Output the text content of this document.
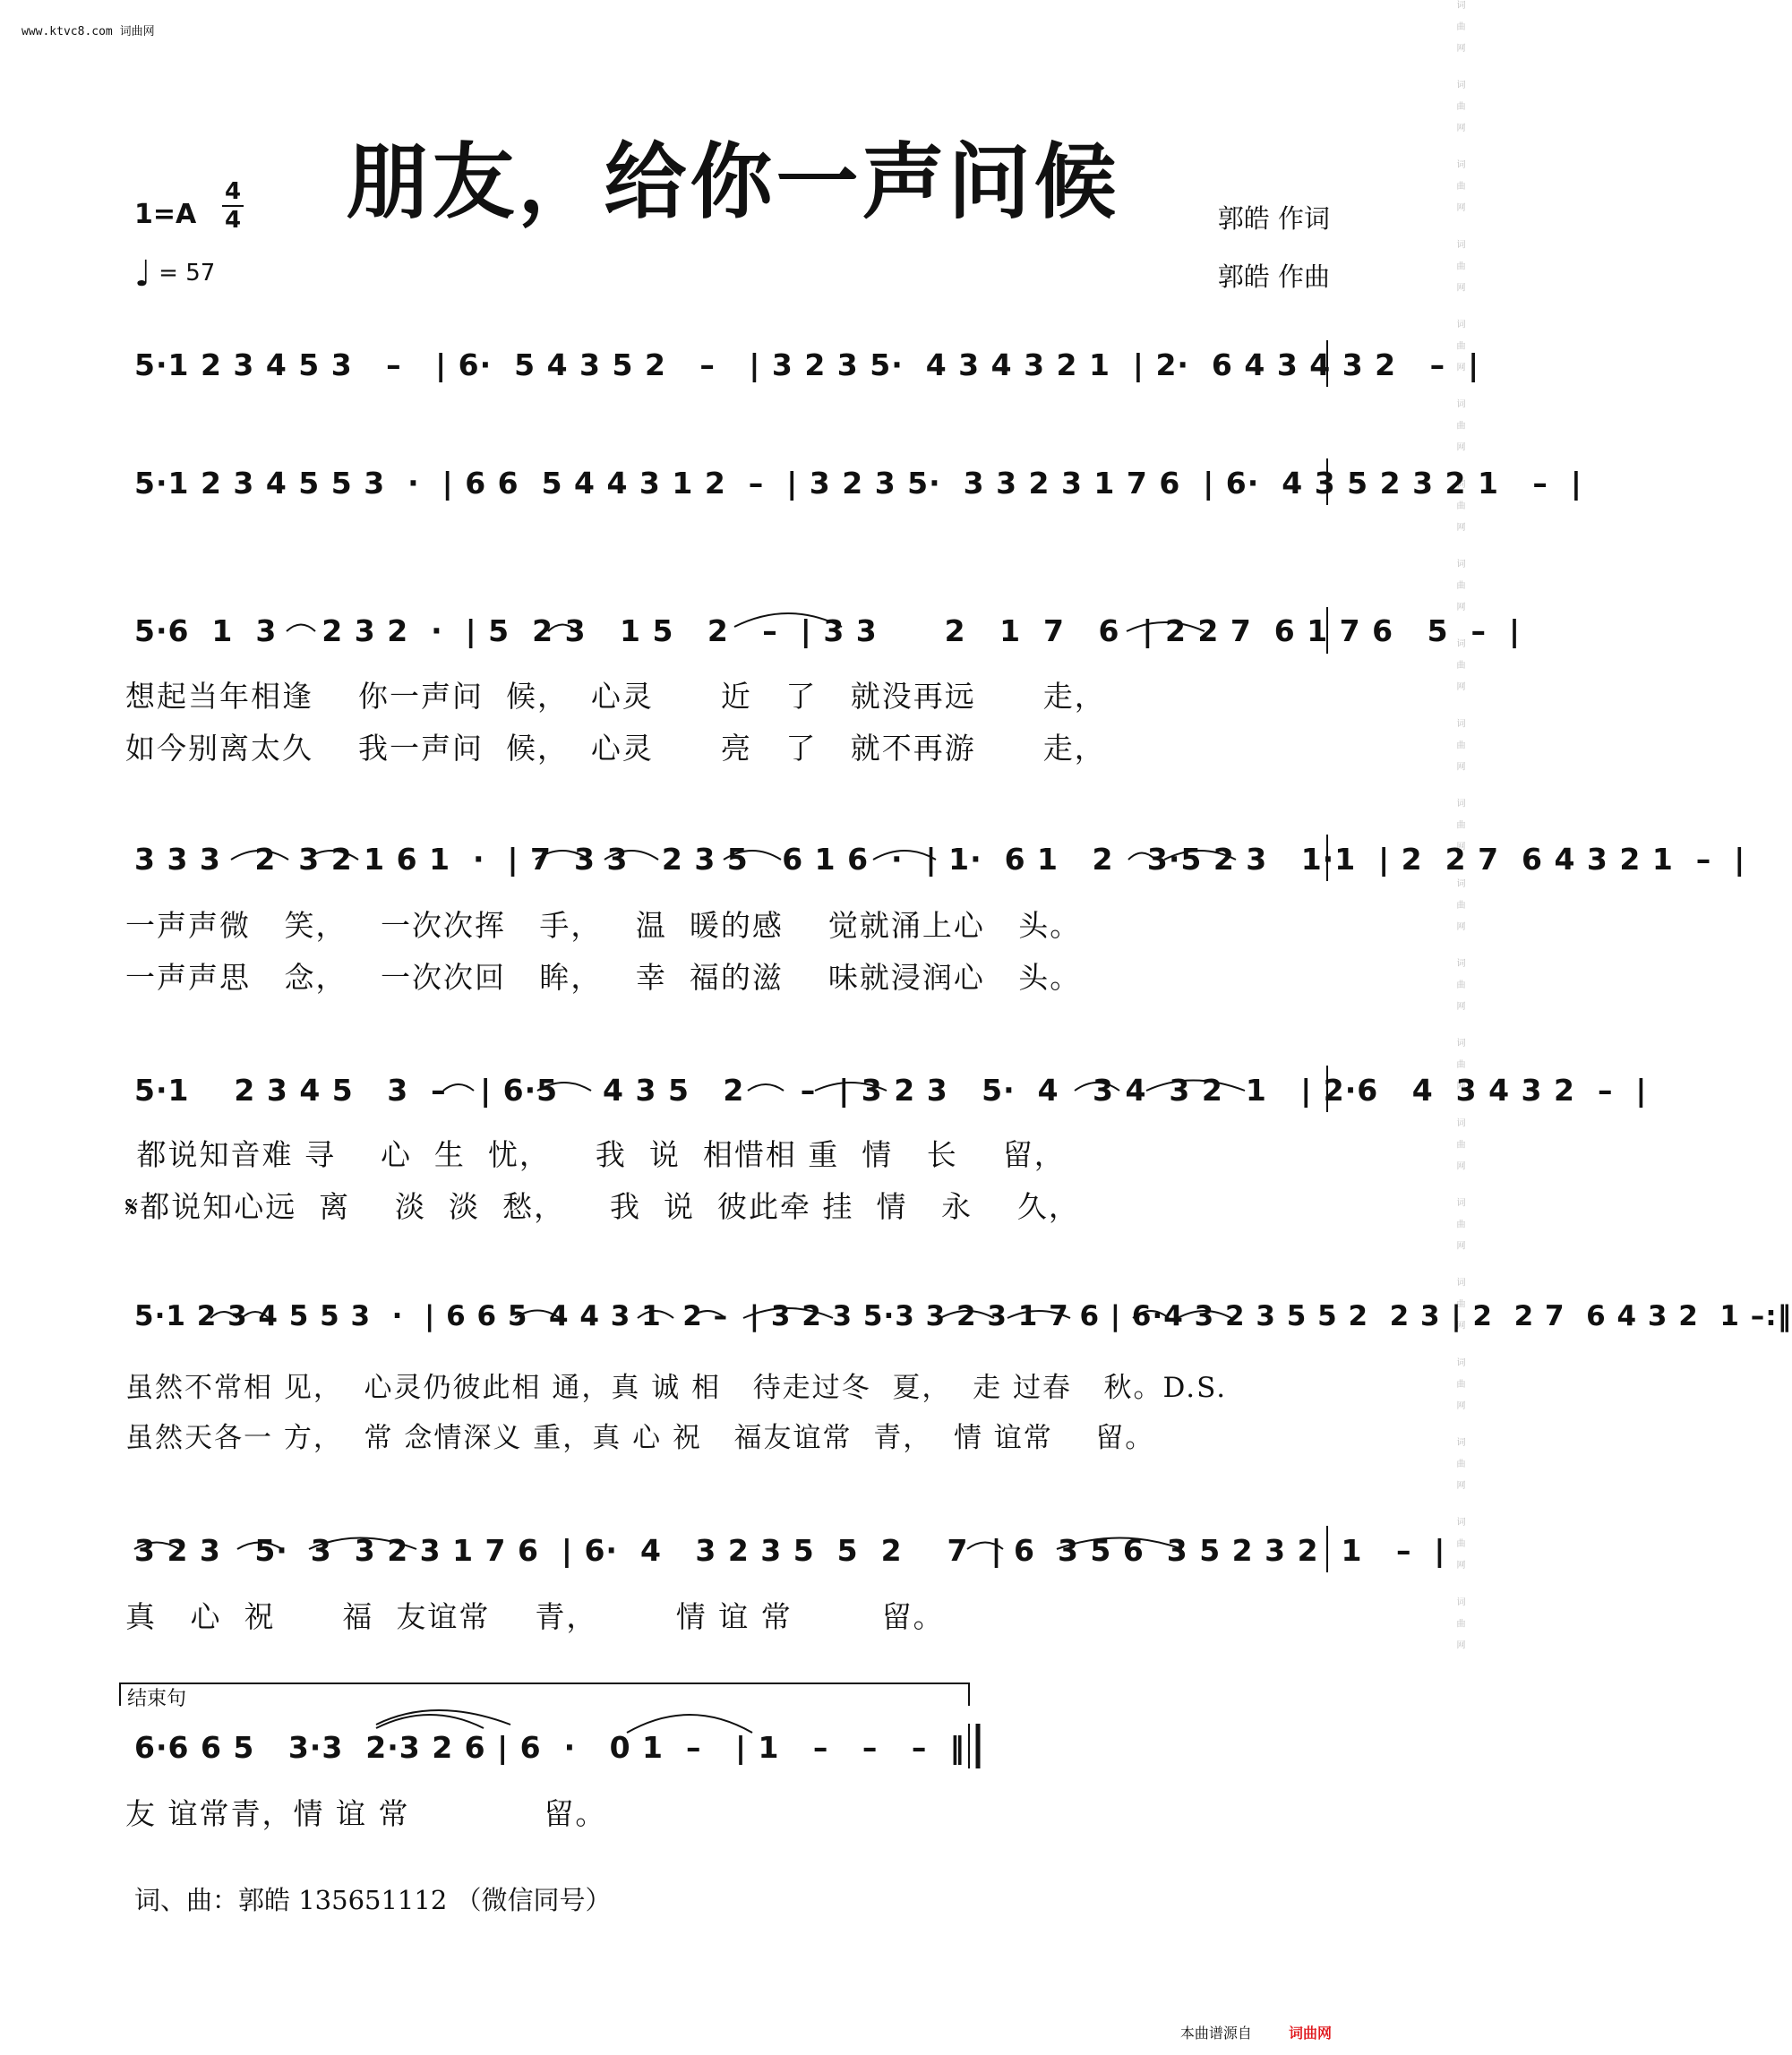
www.ktvc8.com 词曲网	词曲网 词曲网 词曲网 词曲网 词曲网 词曲网 词曲网 词曲网 词曲网 词曲网 词曲网 词曲网 词曲网 词曲网 词曲网 词曲网 词曲网 词曲网 词曲网 词曲网 词曲网
朋友，给你一声问候
1=A
4
4
♩ = 57
郭皓 作词
郭皓 作曲
5·1 2 3 4 5 3   –   | 6·  5 4 3 5 2   –   | 3 2 3 5·  4 3 4 3 2 1  | 2·  6 4 3 4 3 2   –  |
5·1 2 3 4 5 5 3  ·  | 6 6  5 4 4 3 1 2  –  | 3 2 3 5·  3 3 2 3 1 7 6  | 6·  4 3 5 2 3 2 1   –  |
5·6  1  3    2 3 2  ·  | 5  2 3   1 5   2   –  | 3 3      2   1  7   6  | 2 2 7  6 1 7 6   5  –  |
想起当年相逢    你一声问  候，  心灵      近   了   就没再远      走，
如今别离太久    我一声问  候，  心灵      亮   了   就不再游      走，
3 3 3   2  3 2 1 6 1  ·  | 7  3 3   2 3 5   6 1 6  ·  | 1·  6 1   2   3·5 2 3   1·1  | 2  2 7  6 4 3 2 1  –  |
一声声微   笑，   一次次挥   手，   温  暖的感    觉就涌上心   头。
一声声思   念，   一次次回   眸，   幸  福的滋    味就浸润心   头。
5·1    2 3 4 5   3  –   | 6·5    4 3 5   2     –  | 3 2 3   5·  4   3 4  3 2  1   | 2·6   4  3 4 3 2  –  |
都说知音难 寻    心  生  忧，    我  说  相惜相 重  情   长    留，
𝄋都说知心远  离    淡  淡  愁，    我  说  彼此牵 挂  情   永    久，
5·1 2 3 4 5 5 3  ·  | 6 6 5  4 4 3 1  2 –  | 3 2 3 5·3 3 2 3 1 7 6 | 6·4 3 2 3 5 5 2  2 3 | 2  2 7  6 4 3 2  1 –:‖
虽然不常相 见，  心灵仍彼此相 通，真 诚 相   待走过冬  夏，  走 过春   秋。D.S.
虽然天各一 方，  常 念情深义 重，真 心 祝   福友谊常  青，  情 谊常    留。
3 2 3   5·  3  3 2 3 1 7 6  | 6·  4   3 2 3 5  5  2    7  | 6  3 5 6  3 5 2 3 2  1   –  |
真   心  祝      福  友谊常    青，       情 谊 常        留。
结束句
6·6 6 5   3·3  2·3 2 6 | 6  ·   0 1  –   | 1   –   –   –  ‖
友 谊常青，情 谊 常            留。
词、曲：郭皓 135651112 （微信同号）
本曲谱源自	词曲网
